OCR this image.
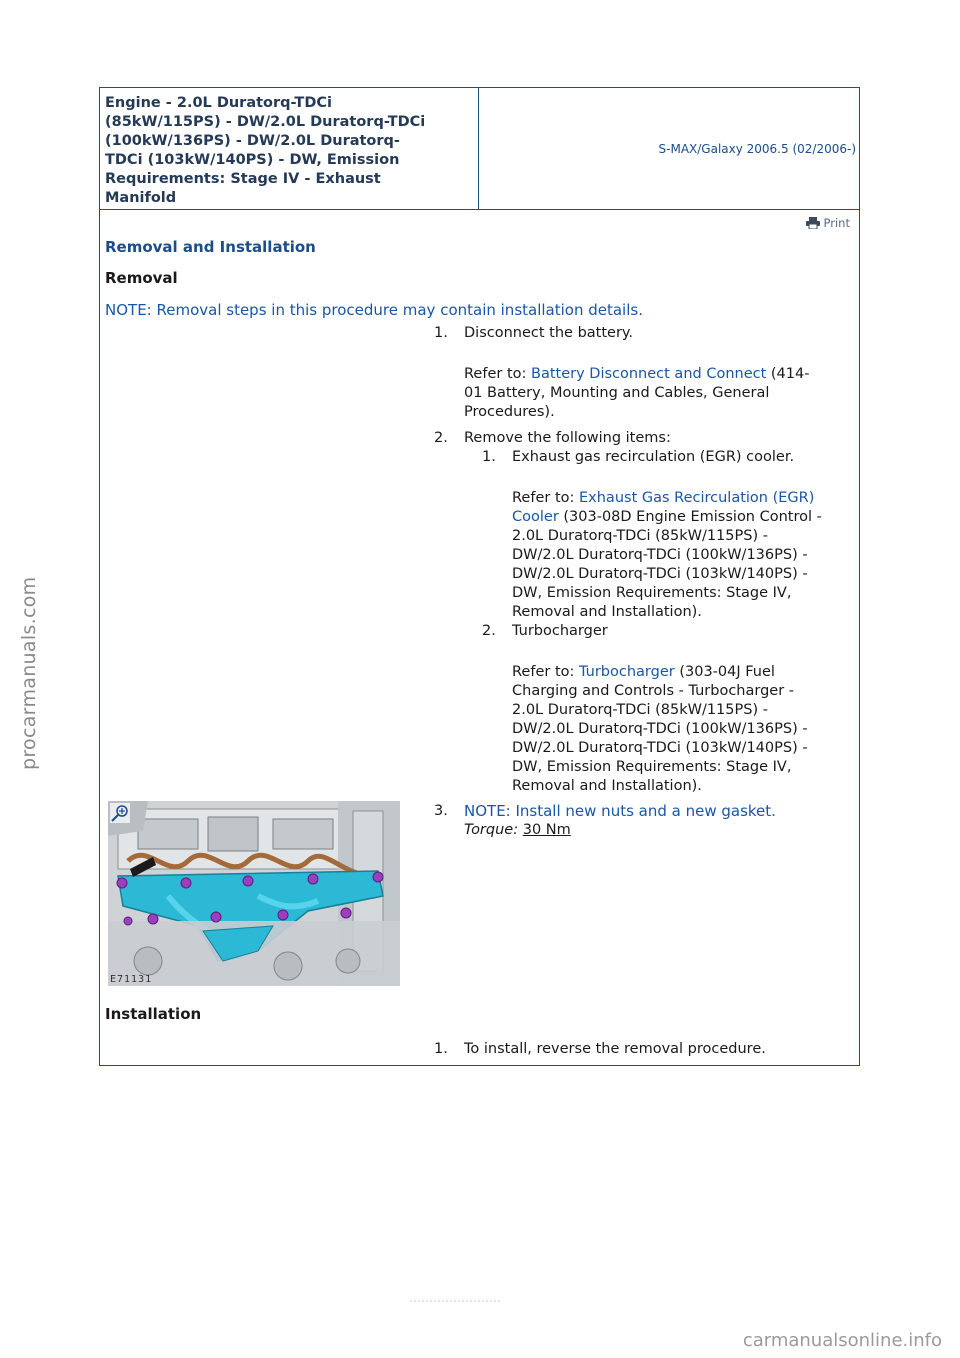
procarmanuals.com
carmanualsonline.info
Engine - 2.0L Duratorq-TDCi
(85kW/115PS) - DW/2.0L Duratorq-TDCi
(100kW/136PS) - DW/2.0L Duratorq-
TDCi (103kW/140PS) - DW, Emission
Requirements: Stage IV - Exhaust
Manifold
S-MAX/Galaxy 2006.5 (02/2006-)
Print
Removal and Installation
Removal
NOTE: Removal steps in this procedure may contain installation details.
1.	Disconnect the battery.
Refer to: Battery Disconnect and Connect (414-
01 Battery, Mounting and Cables, General
Procedures).
2.	Remove the following items:
1. Exhaust gas recirculation (EGR) cooler.
Refer to: Exhaust Gas Recirculation (EGR)
Cooler (303-08D Engine Emission Control -
2.0L Duratorq-TDCi (85kW/115PS) -
DW/2.0L Duratorq-TDCi (100kW/136PS) -
DW/2.0L Duratorq-TDCi (103kW/140PS) -
DW, Emission Requirements: Stage IV,
Removal and Installation).
2. Turbocharger
Refer to: Turbocharger (303-04J Fuel
Charging and Controls - Turbocharger -
2.0L Duratorq-TDCi (85kW/115PS) -
DW/2.0L Duratorq-TDCi (100kW/136PS) -
DW/2.0L Duratorq-TDCi (103kW/140PS) -
DW, Emission Requirements: Stage IV,
Removal and Installation).
E71131
3.	NOTE: Install new nuts and a new gasket.
Torque: 30 Nm
Installation
1.	To install, reverse the removal procedure.
